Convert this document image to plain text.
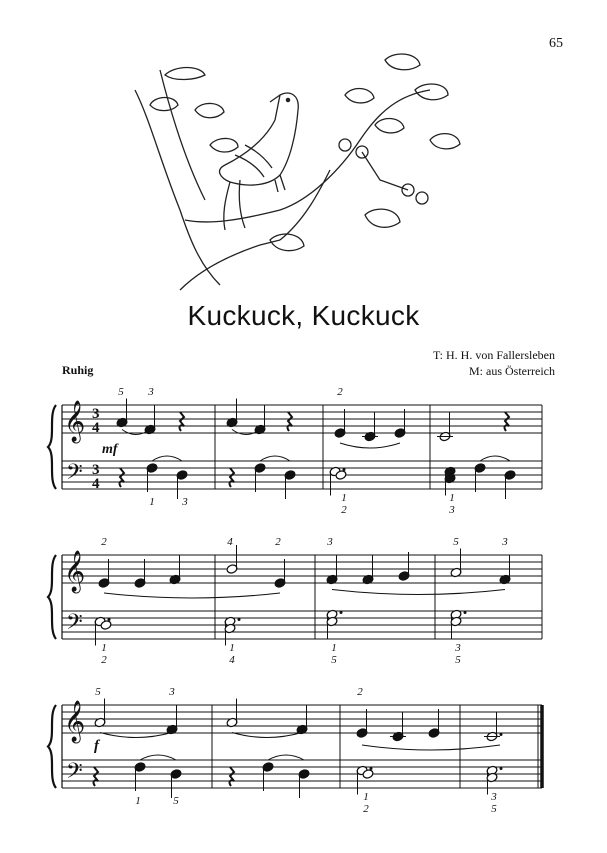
65
Kuckuck, Kuckuck
Ruhig
T: H. H. von Fallersleben
M: aus Österreich
𝄞
𝄢
3
4
3
4
5 3
mf
2
1	3	1
2
1
3
𝄞
𝄢
2	4	2	3	5	3
1
2
1
4
1
5
3
5
𝄞
𝄢
5	3
f
2
1	5	1
2
3
5
